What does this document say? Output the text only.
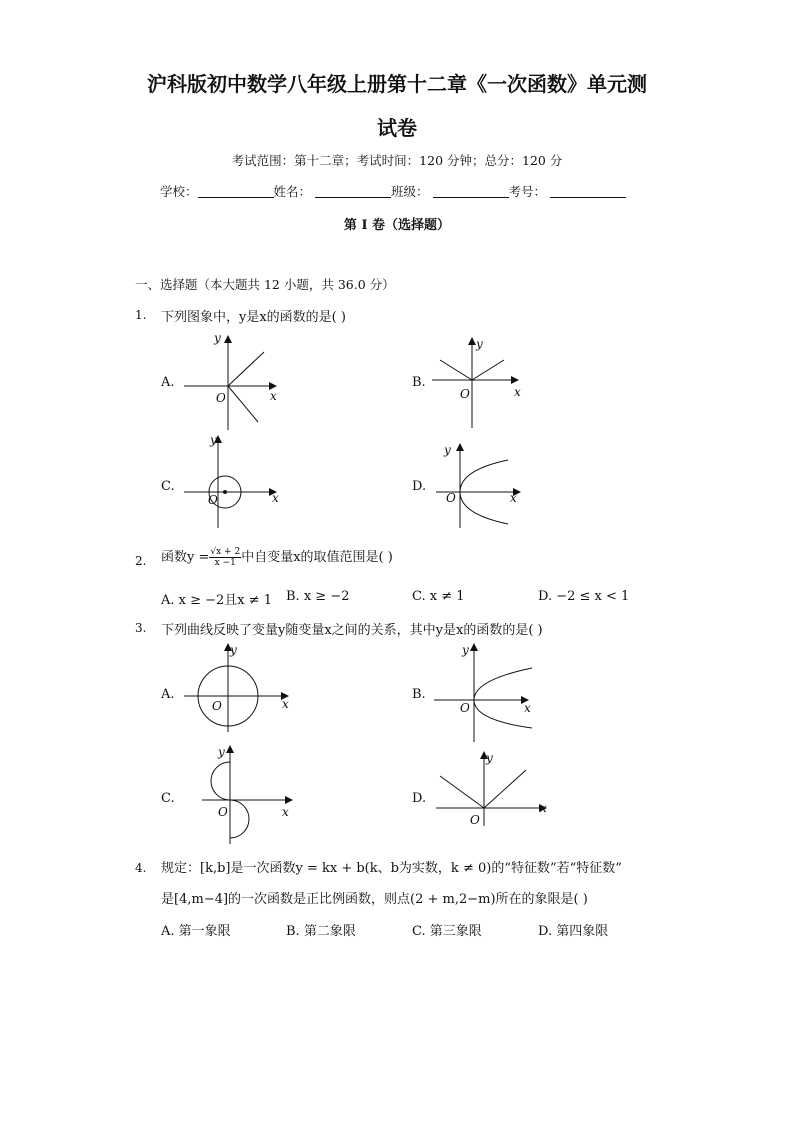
沪科版初中数学八年级上册第十二章《一次函数》单元测
试卷
考试范围：第十二章；考试时间：120 分钟；总分：120 分
学校：	姓名：	班级：	考号：
第 I 卷（选择题）
一、选择题（本大题共 12 小题，共 36.0 分）
1. 下列图象中，y是x的函数的是( )
A.
y
O	x
B.
y
O	x
C.
y
O	x
D.
y
O	x
2. 函数$y = \frac{√x + 2}{x -1}$ 中自变量x的取值范围是( )
A. x ≥ −2且x ≠ 1 B. x ≥ −2	C. x ≠ 1	D. −2 ≤ x < 1
3. 下列曲线反映了变量y随变量x之间的关系，其中y是x的函数的是( )
A.
y
O	x
B.
y
O	x
C.
y
O	x
D.
y
O
x
4. 规定：[k,b]是一次函数y = kx + b(k、b为实数，k ≠ 0)的“特征数”若“特征数”
是[4,m−4]的一次函数是正比例函数，则点(2 + m,2−m)所在的象限是( )
A. 第一象限	B. 第二象限	C. 第三象限	D. 第四象限
